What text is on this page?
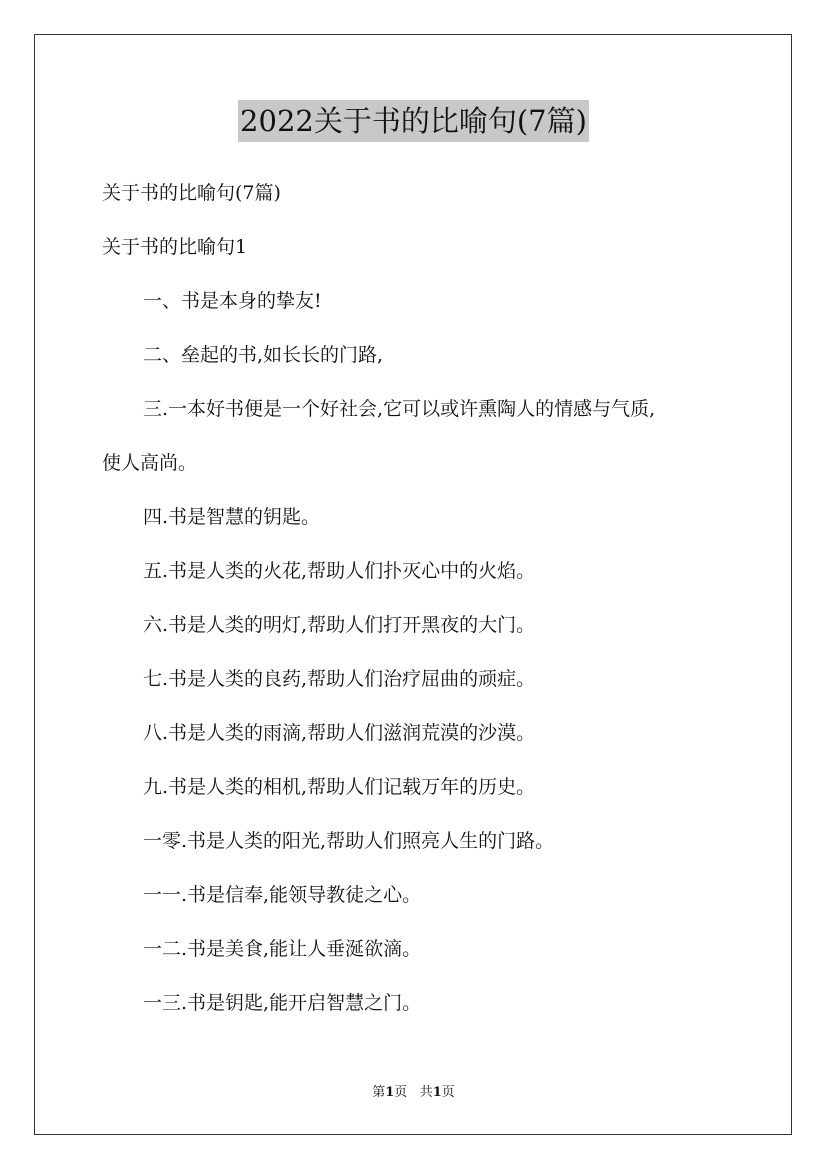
2022关于书的比喻句(7篇)

关于书的比喻句(7篇)

关于书的比喻句1

一、书是本身的挚友!

二、垒起的书,如长长的门路,

三.一本好书便是一个好社会,它可以或许熏陶人的情感与气质,

使人高尚。

四.书是智慧的钥匙。

五.书是人类的火花,帮助人们扑灭心中的火焰。

六.书是人类的明灯,帮助人们打开黑夜的大门。

七.书是人类的良药,帮助人们治疗屈曲的顽症。

八.书是人类的雨滴,帮助人们滋润荒漠的沙漠。

九.书是人类的相机,帮助人们记载万年的历史。

一零.书是人类的阳光,帮助人们照亮人生的门路。

一一.书是信奉,能领导教徒之心。

一二.书是美食,能让人垂涎欲滴。

一三.书是钥匙,能开启智慧之门。

第1页 共1页
